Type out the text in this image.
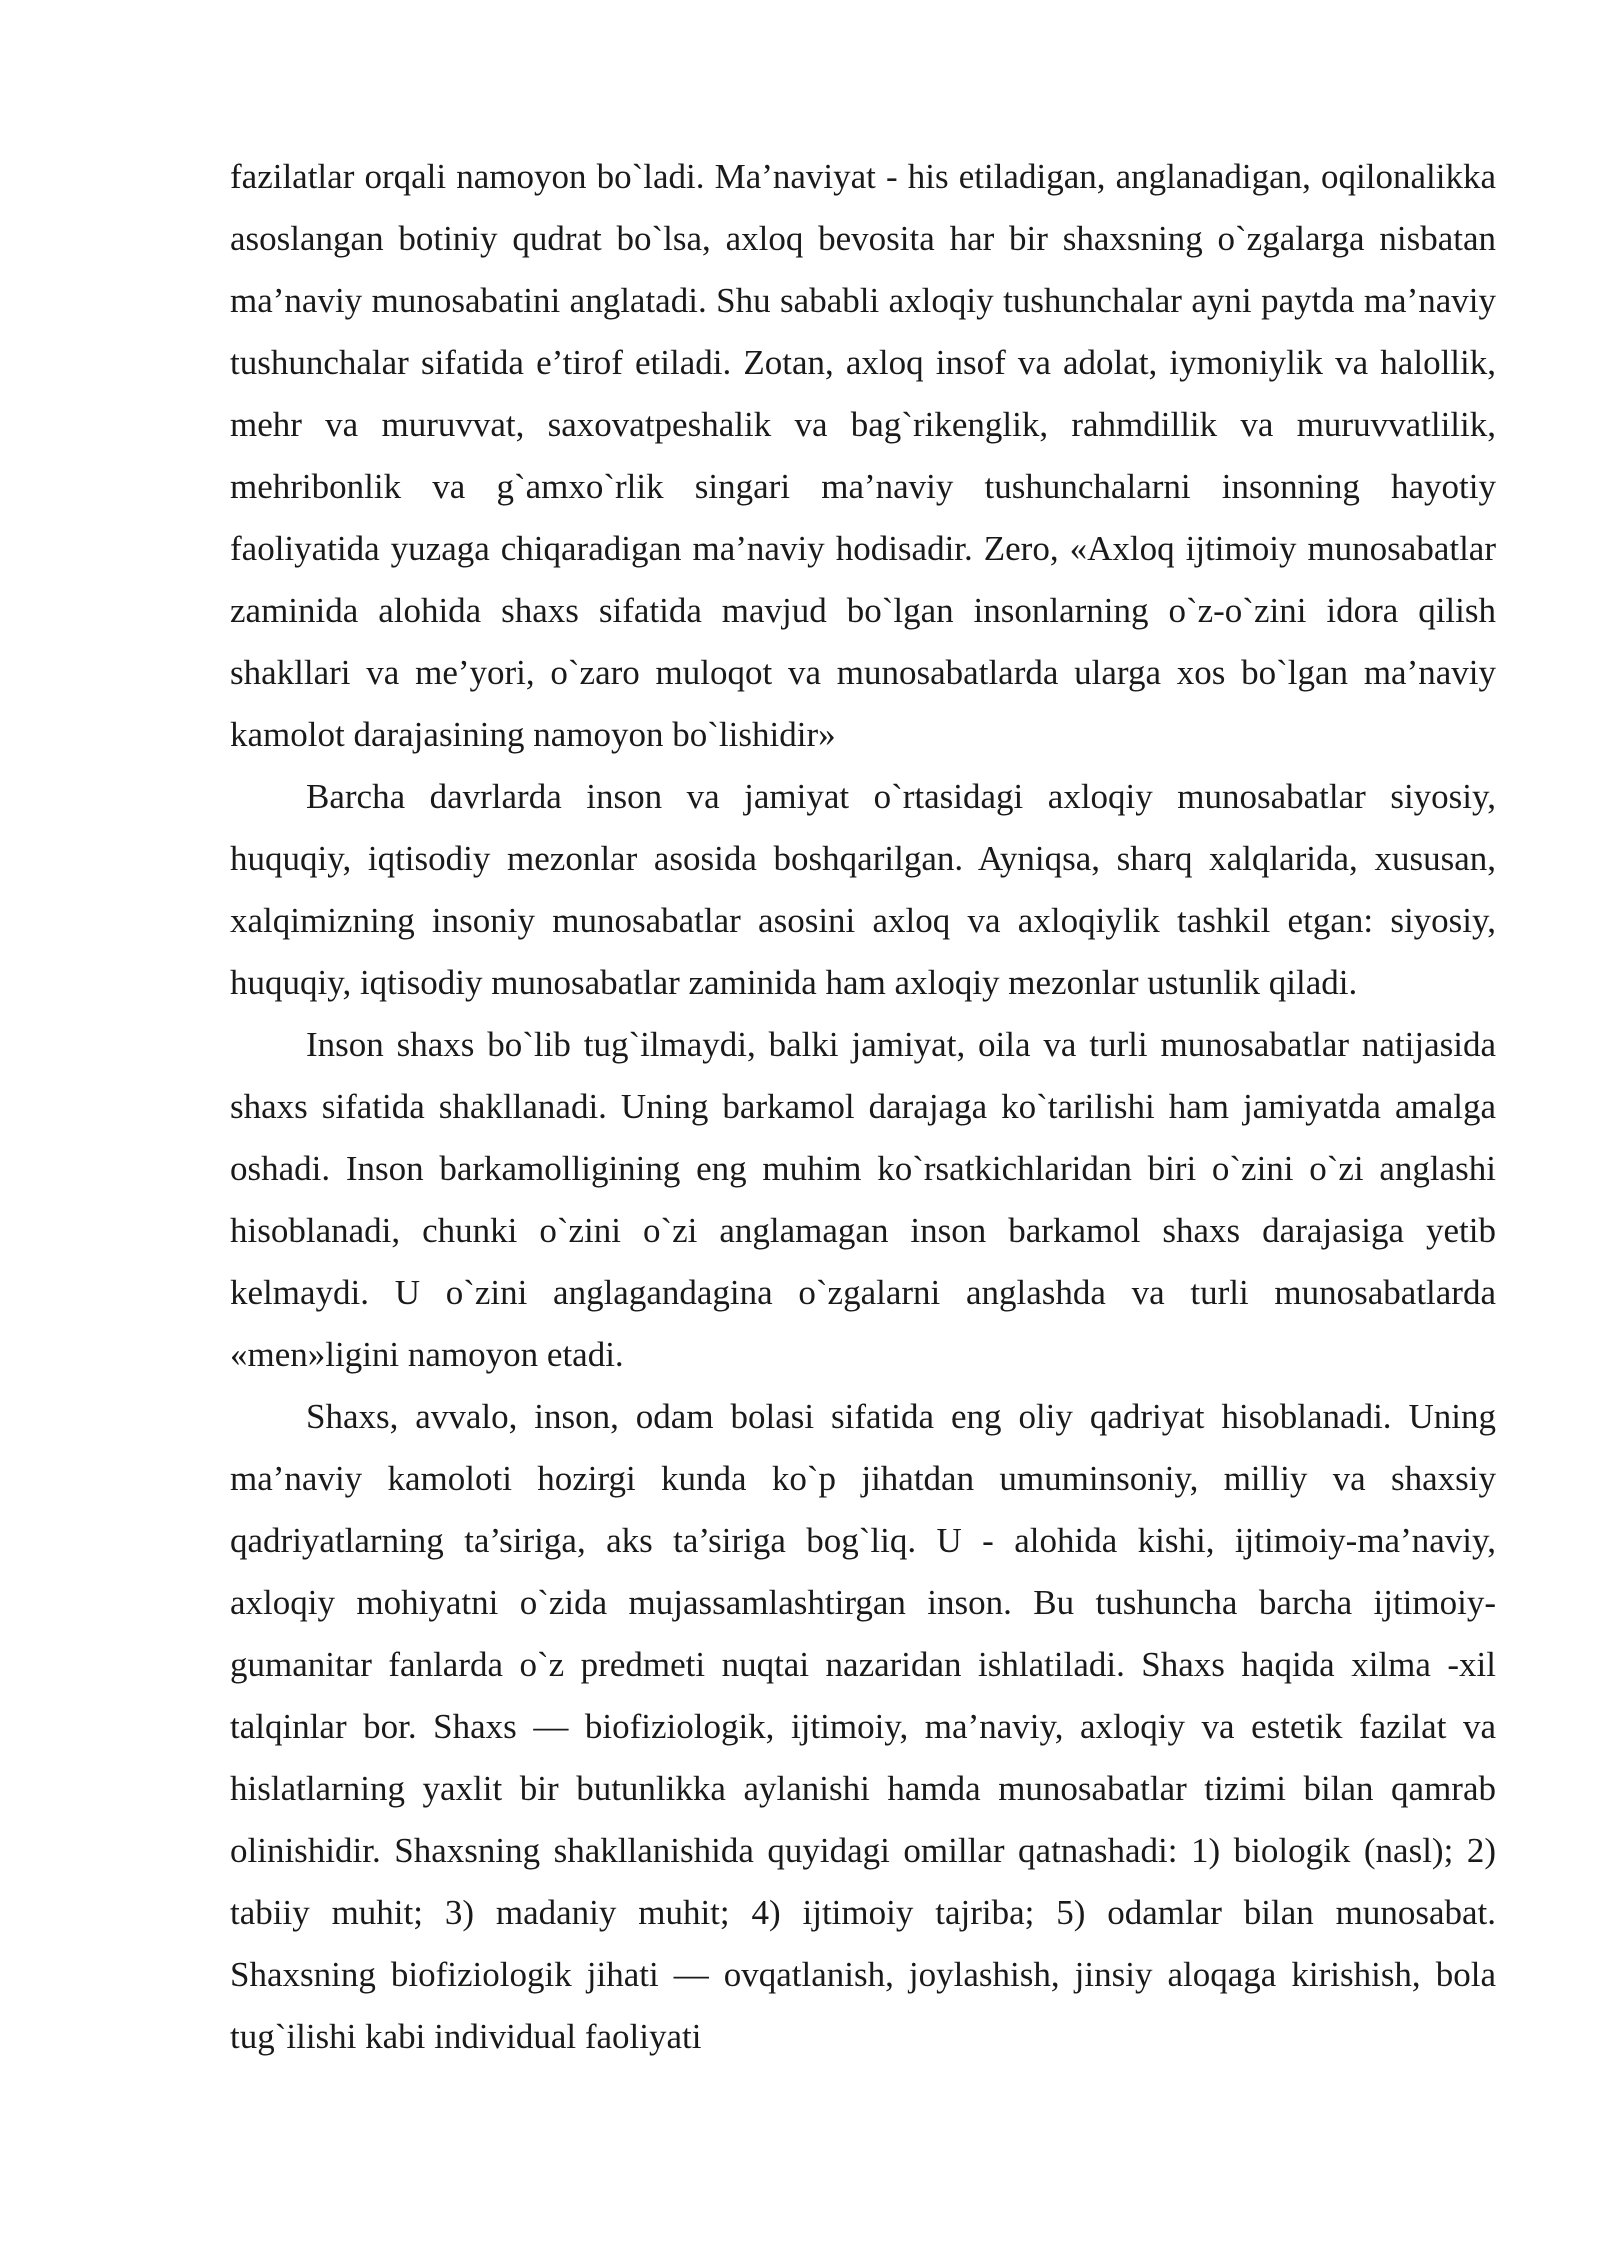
fazilatlar orqali namoyon bo`ladi. Ma’naviyat - his etiladigan, anglanadigan, oqilonalikka asoslangan botiniy qudrat bo`lsa, axloq bevosita har bir shaxsning o`zgalarga nisbatan ma’naviy munosabatini anglatadi. Shu sababli axloqiy tushunchalar ayni paytda ma’naviy tushunchalar sifatida e’tirof etiladi. Zotan, axloq insof va adolat, iymoniylik va halollik, mehr va muruvvat, saxovatpeshalik va bag`rikenglik, rahmdillik va muruvvatlilik, mehribonlik va g`amxo`rlik singari ma’naviy tushunchalarni insonning hayotiy faoliyatida yuzaga chiqaradigan ma’naviy hodisadir. Zero, «Axloq ijtimoiy munosabatlar zaminida alohida shaxs sifatida mavjud bo`lgan insonlarning o`z-o`zini idora qilish shakllari va me’yori, o`zaro muloqot va munosabatlarda ularga xos bo`lgan ma’naviy kamolot darajasining namoyon bo`lishidir»

Barcha davrlarda inson va jamiyat o`rtasidagi axloqiy munosabatlar siyosiy, huquqiy, iqtisodiy mezonlar asosida boshqarilgan. Ayniqsa, sharq xalqlarida, xususan, xalqimizning insoniy munosabatlar asosini axloq va axloqiylik tashkil etgan: siyosiy, huquqiy, iqtisodiy munosabatlar zaminida ham axloqiy mezonlar ustunlik qiladi.

Inson shaxs bo`lib tug`ilmaydi, balki jamiyat, oila va turli munosabatlar natijasida shaxs sifatida shakllanadi. Uning barkamol darajaga ko`tarilishi ham jamiyatda amalga oshadi. Inson barkamolligining eng muhim ko`rsatkichlaridan biri o`zini o`zi anglashi hisoblanadi, chunki o`zini o`zi anglamagan inson barkamol shaxs darajasiga yetib kelmaydi. U o`zini anglagandagina o`zgalarni anglashda va turli munosabatlarda «men»ligini namoyon etadi.

Shaxs, avvalo, inson, odam bolasi sifatida eng oliy qadriyat hisoblanadi. Uning ma’naviy kamoloti hozirgi kunda ko`p jihatdan umuminsoniy, milliy va shaxsiy qadriyatlarning ta’siriga, aks ta’siriga bog`liq. U - alohida kishi, ijtimoiy-ma’naviy, axloqiy mohiyatni o`zida mujassamlashtirgan inson. Bu tushuncha barcha ijtimoiy-gumanitar fanlarda o`z predmeti nuqtai nazaridan ishlatiladi. Shaxs haqida xilma -xil talqinlar bor. Shaxs — biofiziologik, ijtimoiy, ma’naviy, axloqiy va estetik fazilat va hislatlarning yaxlit bir butunlikka aylanishi hamda munosabatlar tizimi bilan qamrab olinishidir. Shaxsning shakllanishida quyidagi omillar qatnashadi: 1) biologik (nasl); 2) tabiiy muhit; 3) madaniy muhit; 4) ijtimoiy tajriba; 5) odamlar bilan munosabat. Shaxsning biofiziologik jihati — ovqatlanish, joylashish, jinsiy aloqaga kirishish, bola tug`ilishi kabi individual faoliyati
